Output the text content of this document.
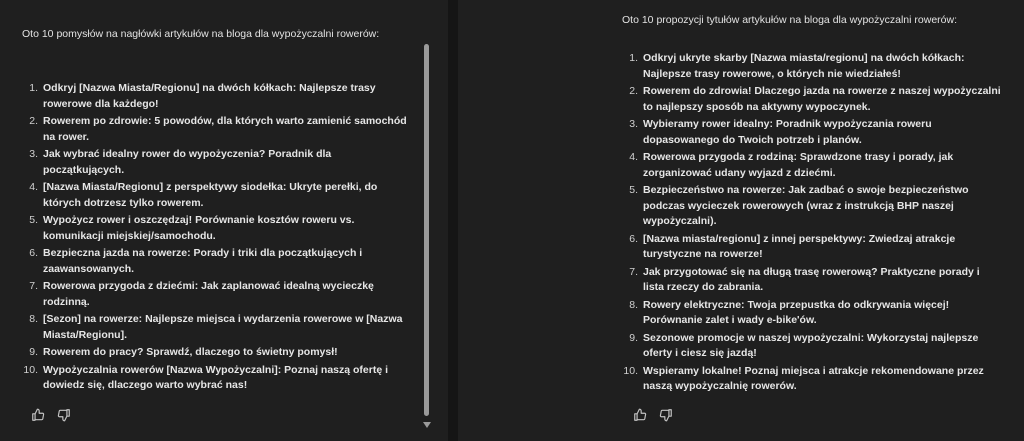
Oto 10 pomysłów na nagłówki artykułów na bloga dla wypożyczalni rowerów:

1. Odkryj [Nazwa Miasta/Regionu] na dwóch kółkach: Najlepsze trasy rowerowe dla każdego!
2. Rowerem po zdrowie: 5 powodów, dla których warto zamienić samochód na rower.
3. Jak wybrać idealny rower do wypożyczenia? Poradnik dla początkujących.
4. [Nazwa Miasta/Regionu] z perspektywy siodełka: Ukryte perełki, do których dotrzesz tylko rowerem.
5. Wypożycz rower i oszczędzaj! Porównanie kosztów roweru vs. komunikacji miejskiej/samochodu.
6. Bezpieczna jazda na rowerze: Porady i triki dla początkujących i zaawansowanych.
7. Rowerowa przygoda z dziećmi: Jak zaplanować idealną wycieczkę rodzinną.
8. [Sezon] na rowerze: Najlepsze miejsca i wydarzenia rowerowe w [Nazwa Miasta/Regionu].
9. Rowerem do pracy? Sprawdź, dlaczego to świetny pomysł!
10. Wypożyczalnia rowerów [Nazwa Wypożyczalni]: Poznaj naszą ofertę i dowiedz się, dlaczego warto wybrać nas!

Oto 10 propozycji tytułów artykułów na bloga dla wypożyczalni rowerów:

1. Odkryj ukryte skarby [Nazwa miasta/regionu] na dwóch kółkach: Najlepsze trasy rowerowe, o których nie wiedziałeś!
2. Rowerem do zdrowia! Dlaczego jazda na rowerze z naszej wypożyczalni to najlepszy sposób na aktywny wypoczynek.
3. Wybieramy rower idealny: Poradnik wypożyczania roweru dopasowanego do Twoich potrzeb i planów.
4. Rowerowa przygoda z rodziną: Sprawdzone trasy i porady, jak zorganizować udany wyjazd z dziećmi.
5. Bezpieczeństwo na rowerze: Jak zadbać o swoje bezpieczeństwo podczas wycieczek rowerowych (wraz z instrukcją BHP naszej wypożyczalni).
6. [Nazwa miasta/regionu] z innej perspektywy: Zwiedzaj atrakcje turystyczne na rowerze!
7. Jak przygotować się na długą trasę rowerową? Praktyczne porady i lista rzeczy do zabrania.
8. Rowery elektryczne: Twoja przepustka do odkrywania więcej! Porównanie zalet i wady e-bike'ów.
9. Sezonowe promocje w naszej wypożyczalni: Wykorzystaj najlepsze oferty i ciesz się jazdą!
10. Wspieramy lokalne! Poznaj miejsca i atrakcje rekomendowane przez naszą wypożyczalnię rowerów.
